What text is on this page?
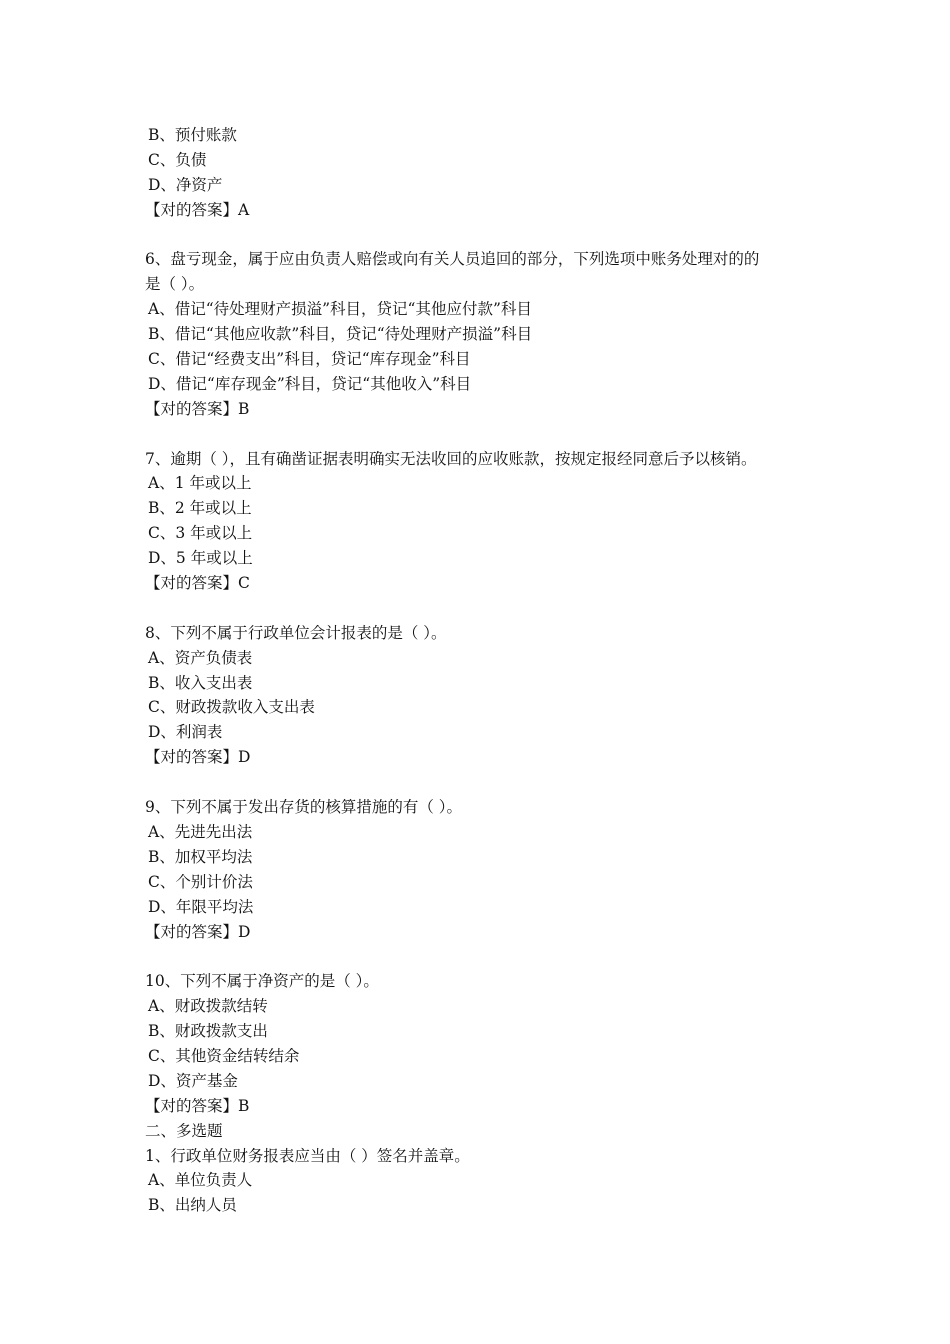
B、预付账款
C、负债
D、净资产
【对的答案】A
6、盘亏现金，属于应由负责人赔偿或向有关人员追回的部分，下列选项中账务处理对的的
是（ ）。
A、借记“待处理财产损溢”科目，贷记“其他应付款”科目
B、借记“其他应收款”科目，贷记“待处理财产损溢”科目
C、借记“经费支出”科目，贷记“库存现金”科目
D、借记“库存现金”科目，贷记“其他收入”科目
【对的答案】B
7、逾期（ ），且有确凿证据表明确实无法收回的应收账款，按规定报经同意后予以核销。
A、1 年或以上
B、2 年或以上
C、3 年或以上
D、5 年或以上
【对的答案】C
8、下列不属于行政单位会计报表的是（ ）。
A、资产负债表
B、收入支出表
C、财政拨款收入支出表
D、利润表
【对的答案】D
9、下列不属于发出存货的核算措施的有（ ）。
A、先进先出法
B、加权平均法
C、个别计价法
D、年限平均法
【对的答案】D
10、下列不属于净资产的是（ ）。
A、财政拨款结转
B、财政拨款支出
C、其他资金结转结余
D、资产基金
【对的答案】B
二、多选题
1、行政单位财务报表应当由（ ）签名并盖章。
A、单位负责人
B、出纳人员
